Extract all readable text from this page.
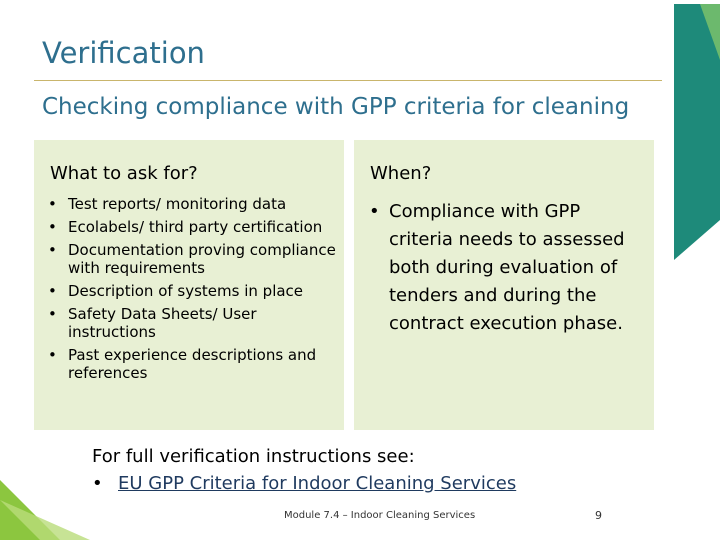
Verification
Checking compliance with GPP criteria for cleaning
What to ask for?	When?
• Test reports/ monitoring data
• Ecolabels/ third party certification
• Documentation proving compliance with requirements
• Description of systems in place
• Safety Data Sheets/ User instructions
• Past experience descriptions and references
• Compliance with GPP criteria needs to assessed both during evaluation of tenders and during the contract execution phase.
For full verification instructions see:
• EU GPP Criteria for Indoor Cleaning Services
Module 7.4 – Indoor Cleaning Services	9
